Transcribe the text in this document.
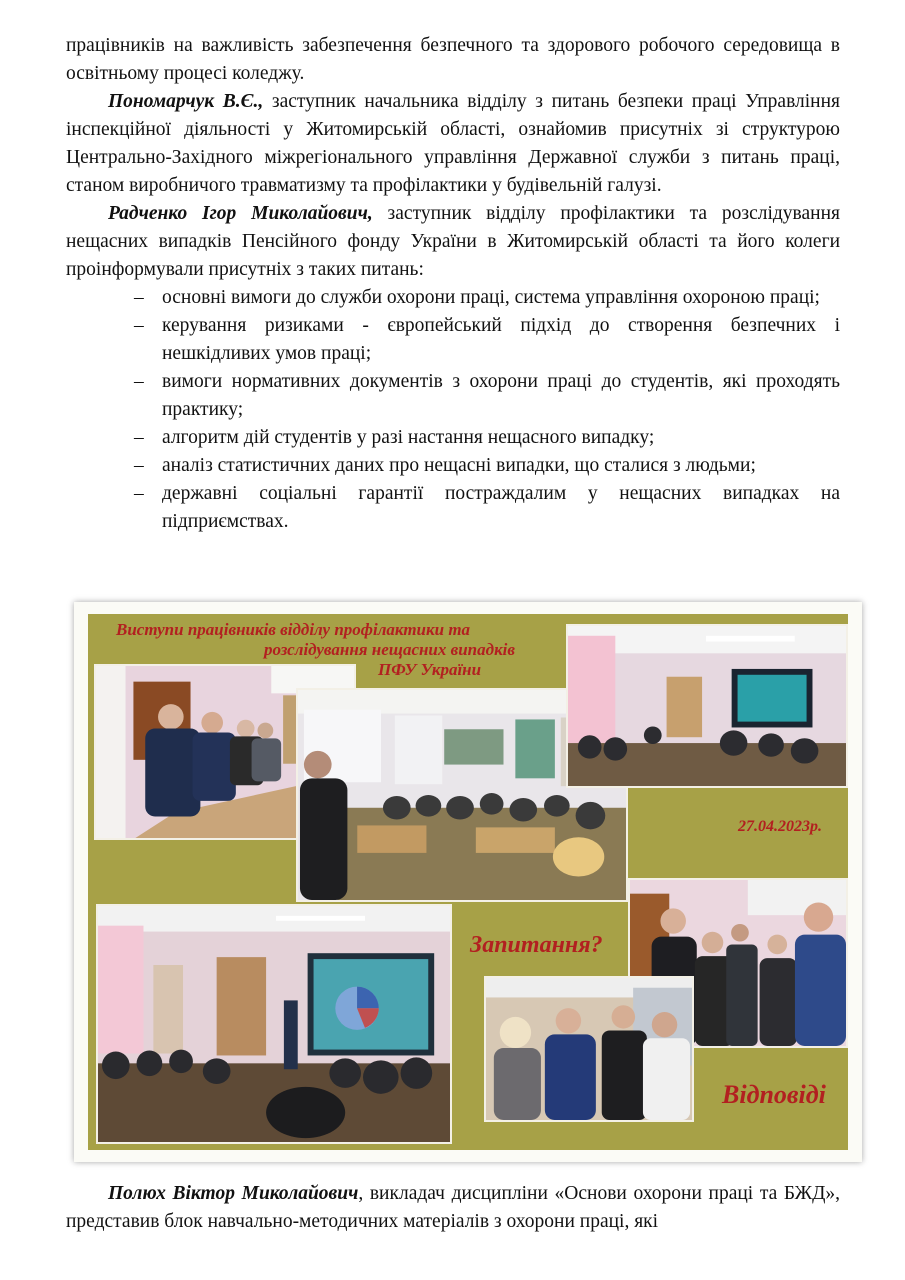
працівників на важливість забезпечення безпечного та здорового робочого середовища в освітньому процесі коледжу.

Пономарчук В.Є., заступник начальника відділу з питань безпеки праці Управління інспекційної діяльності у Житомирській області, ознайомив присутніх зі структурою Центрально-Західного міжрегіонального управління Державної служби з питань праці, станом виробничого травматизму та профілактики у будівельній галузі.

Радченко Ігор Миколайович, заступник відділу профілактики та розслідування нещасних випадків Пенсійного фонду України в Житомирській області та його колеги проінформували присутніх з таких питань:

– основні вимоги до служби охорони праці, система управління охороною праці;
– керування ризиками - європейський підхід до створення безпечних і нешкідливих умов праці;
– вимоги нормативних документів з охорони праці до студентів, які проходять практику;
– алгоритм дій студентів у разі настання нещасного випадку;
– аналіз статистичних даних про нещасні випадки, що сталися з людьми;
– державні соціальні гарантії постраждалим у нещасних випадках на підприємствах.
Виступи працівників відділу профілактики та
розслідування нещасних випадків
ПФУ України
27.04.2023р.
Запитання?
Відповіді

Полюх Віктор Миколайович, викладач дисципліни «Основи охорони праці та БЖД», представив блок навчально-методичних матеріалів з охорони праці, які
